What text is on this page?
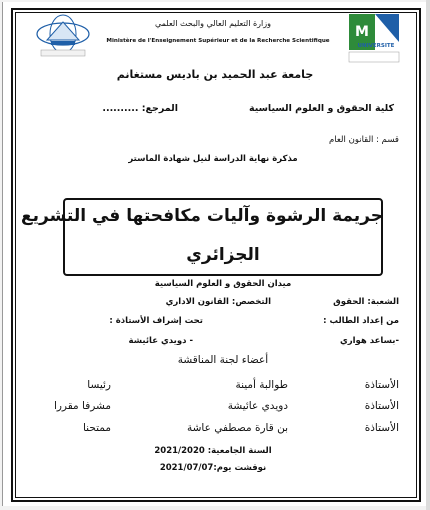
M
UNIVERSITE
وزارة التعليم العالي والبحث العلمي
Ministère de l'Enseignement Supérieur et de la Recherche Scientifique
جامعة عبد الحميد بن باديس مستغانم
كلية الحقوق و العلوم السياسية
المرجع: ..........
قسم : القانون العام
مذكرة نهاية الدراسة لنيل شهادة الماستر
جريمة الرشوة وآليات مكافحتها في التشريع
الجزائري
ميدان الحقوق و العلوم السياسية
الشعبة: الحقوق
التخصص: القانون الاداري
من إعداد الطالب :
تحت إشراف الأستاذة :
-بساعد هواري
- دويدي عائيشة
أعضاء لجنة المناقشة
الأستاذة
طوالبة أمينة
رئيسا
الأستاذة
دويدي عائيشة
مشرفا مقررا
الأستاذة
بن قارة مصطفي عاشة
ممتحنا
السنة الجامعية: 2021/2020
نوقشت يوم:2021/07/07
